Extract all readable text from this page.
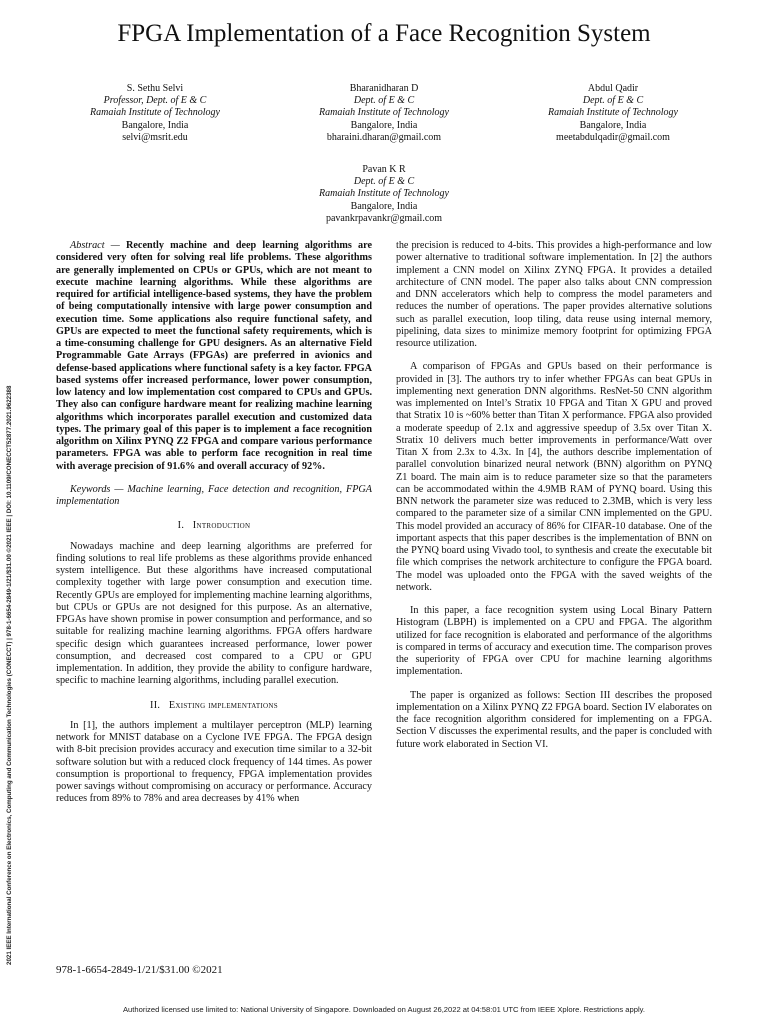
FPGA Implementation of a Face Recognition System
S. Sethu Selvi
Professor, Dept. of E & C
Ramaiah Institute of Technology
Bangalore, India
selvi@msrit.edu
Bharanidharan D
Dept. of E & C
Ramaiah Institute of Technology
Bangalore, India
bharaini.dharan@gmail.com
Abdul Qadir
Dept. of E & C
Ramaiah Institute of Technology
Bangalore, India
meetabdulqadir@gmail.com
Pavan K R
Dept. of E & C
Ramaiah Institute of Technology
Bangalore, India
pavankrpavankr@gmail.com
2021 IEEE International Conference on Electronics, Computing and Communication Technologies (CONECCT) | 978-1-6654-2849-1/21/$31.00 ©2021 IEEE | DOI: 10.1109/CONECCT52877.2021.9622388

Abstract — Recently machine and deep learning algorithms are considered very often for solving real life problems. These algorithms are generally implemented on CPUs or GPUs, which are not meant to execute machine learning algorithms. While these algorithms are required for artificial intelligence-based systems, they have the problem of being computationally intensive with large power consumption and execution time. Some applications also require functional safety, and GPUs are expected to meet the functional safety requirements, which is a time-consuming challenge for GPU designers. As an alternative Field Programmable Gate Arrays (FPGAs) are preferred in avionics and defense-based applications where functional safety is a key factor. FPGA based systems offer increased performance, lower power consumption, low latency and low implementation cost compared to CPUs and GPUs. They also can configure hardware meant for realizing machine learning algorithms which incorporates parallel execution and customized data types. The primary goal of this paper is to implement a face recognition algorithm on Xilinx PYNQ Z2 FPGA and compare various performance parameters. FPGA was able to perform face recognition in real time with average precision of 91.6% and overall accuracy of 92%.

Keywords — Machine learning, Face detection and recognition, FPGA implementation

I. Introduction

Nowadays machine and deep learning algorithms are preferred for finding solutions to real life problems as these algorithms provide enhanced system intelligence. But these algorithms have increased computational complexity together with large power consumption and execution time. Recently GPUs are employed for implementing machine learning algorithms, but CPUs or GPUs are not designed for this purpose. As an alternative, FPGAs have shown promise in power consumption and performance, and so suitable for realizing machine learning algorithms. FPGA offers hardware specific design which guarantees increased performance, lower power consumption, and decreased cost compared to a CPU or GPU implementation. In addition, they provide the ability to configure hardware, specific to machine learning algorithms, including parallel execution.

II. Existing implementations

In [1], the authors implement a multilayer perceptron (MLP) learning network for MNIST database on a Cyclone IVE FPGA. The FPGA design with 8-bit precision provides accuracy and execution time similar to a 32-bit software solution but with a reduced clock frequency of 144 times. As power consumption is proportional to frequency, FPGA implementation provides power savings without compromising on accuracy or performance. Accuracy reduces from 89% to 78% and area decreases by 41% when

the precision is reduced to 4-bits. This provides a high-performance and low power alternative to traditional software implementation. In [2] the authors implement a CNN model on Xilinx ZYNQ FPGA. It provides a detailed architecture of CNN model. The paper also talks about CNN compression and DNN accelerators which help to compress the model parameters and reduces the number of operations. The paper provides alternative solutions such as parallel execution, loop tiling, data reuse using internal memory, pipelining, data sizes to minimize memory footprint for optimizing FPGA resource utilization.

A comparison of FPGAs and GPUs based on their performance is provided in [3]. The authors try to infer whether FPGAs can beat GPUs in implementing next generation DNN algorithms. ResNet-50 CNN algorithm was implemented on Intel’s Stratix 10 FPGA and Titan X GPU and proved that Stratix 10 is ~60% better than Titan X performance. FPGA also provided a moderate speedup of 2.1x and aggressive speedup of 3.5x over Titan X. Stratix 10 delivers much better improvements in performance/Watt over Titan X from 2.3x to 4.3x. In [4], the authors describe implementation of parallel convolution binarized neural network (BNN) algorithm on PYNQ Z1 board. The main aim is to reduce parameter size so that the parameters can be accommodated within the 4.9MB RAM of PYNQ board. Using this BNN network the parameter size was reduced to 2.3MB, which is very less compared to the parameter size of a similar CNN implemented on the GPU. This model provided an accuracy of 86% for CIFAR-10 database. One of the important aspects that this paper describes is the implementation of BNN on the PYNQ board using Vivado tool, to synthesis and create the executable bit file which comprises the network architecture to configure the FPGA board. The model was uploaded onto the FPGA with the saved weights of the network.

In this paper, a face recognition system using Local Binary Pattern Histogram (LBPH) is implemented on a CPU and FPGA. The algorithm utilized for face recognition is elaborated and performance of the algorithms is compared in terms of accuracy and execution time. The comparison proves the superiority of FPGA over CPU for machine learning algorithms implementation.

The paper is organized as follows: Section III describes the proposed implementation on a Xilinx PYNQ Z2 FPGA board. Section IV elaborates on the face recognition algorithm considered for implementing on a FPGA. Section V discusses the experimental results, and the paper is concluded with future work elaborated in Section VI.

978-1-6654-2849-1/21/$31.00 ©2021
Authorized licensed use limited to: National University of Singapore. Downloaded on August 26,2022 at 04:58:01 UTC from IEEE Xplore. Restrictions apply.
